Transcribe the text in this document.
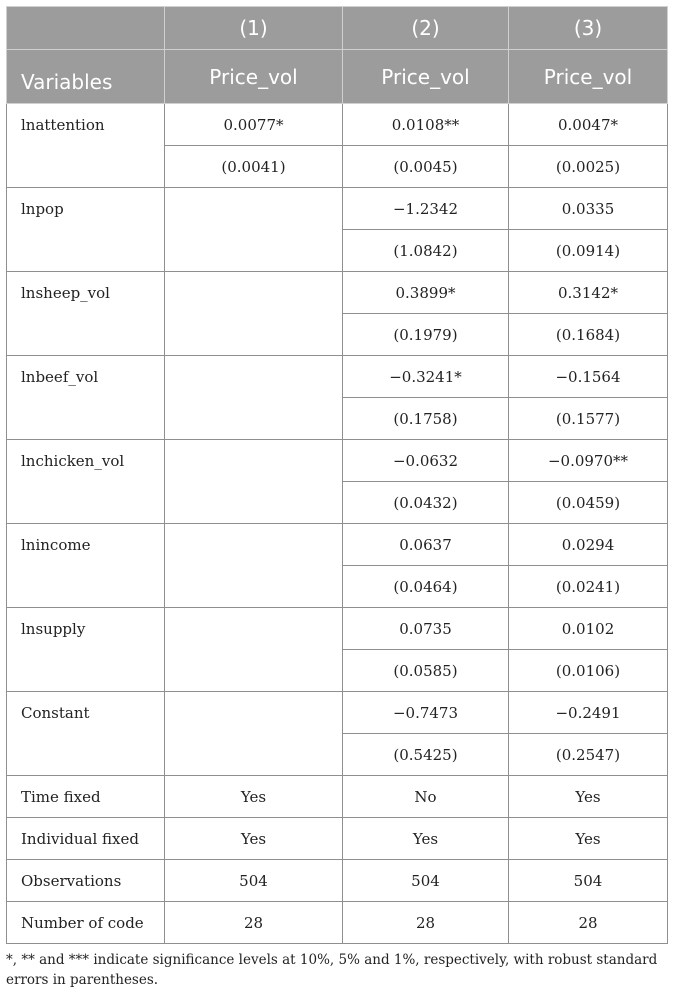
	(1)	(2)	(3)
Variables	Price_vol	Price_vol	Price_vol
lnattention	0.0077*	0.0108**	0.0047*
	(0.0041)	(0.0045)	(0.0025)
lnpop		−1.2342	0.0335
		(1.0842)	(0.0914)
lnsheep_vol		0.3899*	0.3142*
		(0.1979)	(0.1684)
lnbeef_vol		−0.3241*	−0.1564
		(0.1758)	(0.1577)
lnchicken_vol		−0.0632	−0.0970**
		(0.0432)	(0.0459)
lnincome		0.0637	0.0294
		(0.0464)	(0.0241)
lnsupply		0.0735	0.0102
		(0.0585)	(0.0106)
Constant		−0.7473	−0.2491
		(0.5425)	(0.2547)
Time fixed	Yes	No	Yes
Individual fixed	Yes	Yes	Yes
Observations	504	504	504
Number of code	28	28	28
*, ** and *** indicate significance levels at 10%, 5% and 1%, respectively, with robust standard errors in parentheses.
